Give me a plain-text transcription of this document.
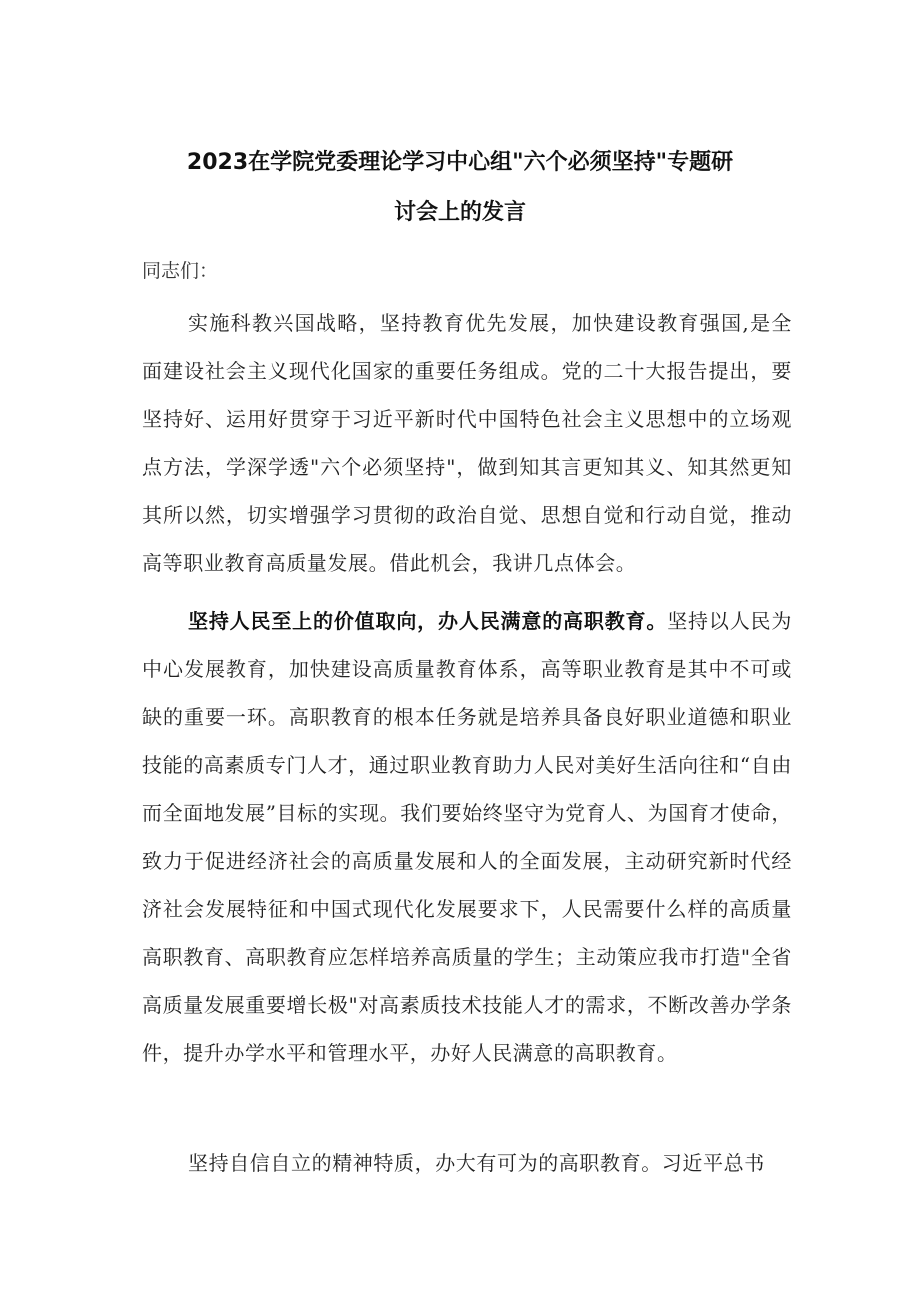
2023在学院党委理论学习中心组"六个必须坚持"专题研
讨会上的发言

同志们：

实施科教兴国战略，坚持教育优先发展，加快建设教育强国,是全面建设社会主义现代化国家的重要任务组成。党的二十大报告提出，要坚持好、运用好贯穿于习近平新时代中国特色社会主义思想中的立场观点方法，学深学透"六个必须坚持"，做到知其言更知其义、知其然更知其所以然，切实增强学习贯彻的政治自觉、思想自觉和行动自觉，推动高等职业教育高质量发展。借此机会，我讲几点体会。

坚持人民至上的价值取向，办人民满意的高职教育。坚持以人民为中心发展教育，加快建设高质量教育体系，高等职业教育是其中不可或缺的重要一环。高职教育的根本任务就是培养具备良好职业道德和职业技能的高素质专门人才，通过职业教育助力人民对美好生活向往和“自由而全面地发展”目标的实现。我们要始终坚守为党育人、为国育才使命，致力于促进经济社会的高质量发展和人的全面发展，主动研究新时代经济社会发展特征和中国式现代化发展要求下，人民需要什么样的高质量高职教育、高职教育应怎样培养高质量的学生；主动策应我市打造"全省高质量发展重要增长极"对高素质技术技能人才的需求，不断改善办学条件，提升办学水平和管理水平，办好人民满意的高职教育。

坚持自信自立的精神特质，办大有可为的高职教育。习近平总书
